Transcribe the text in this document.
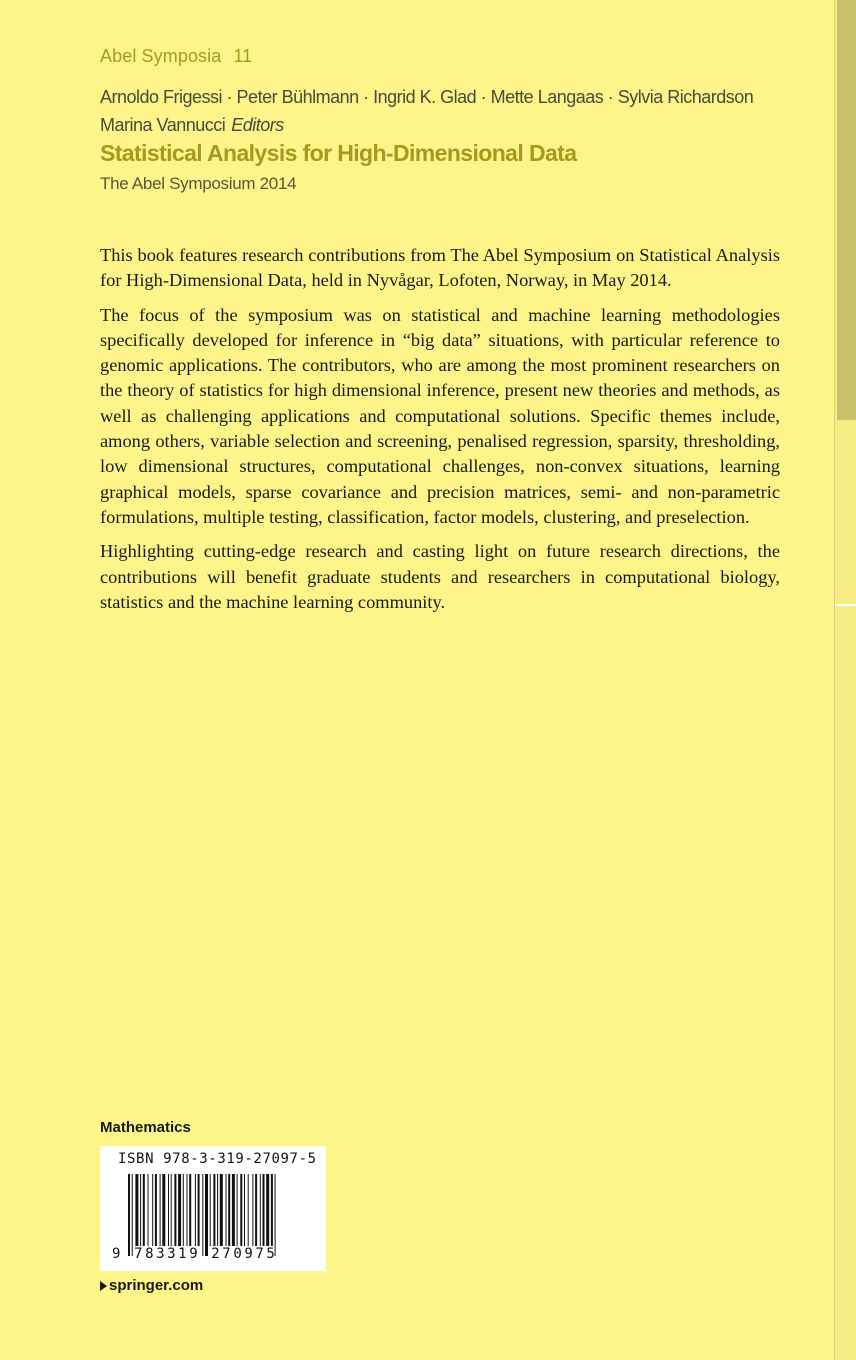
Abel Symposia 11
Arnoldo Frigessi · Peter Bühlmann · Ingrid K. Glad · Mette Langaas · Sylvia Richardson
Marina Vannucci Editors
Statistical Analysis for High-Dimensional Data
The Abel Symposium 2014

This book features research contributions from The Abel Symposium on Statistical Analysis for High-Dimensional Data, held in Nyvågar, Lofoten, Norway, in May 2014.

The focus of the symposium was on statistical and machine learning methodologies specifically developed for inference in “big data” situations, with particular reference to genomic applications. The contributors, who are among the most prominent researchers on the theory of statistics for high dimensional inference, present new theories and methods, as well as challenging applications and computational solutions. Specific themes include, among others, variable selection and screening, penalised regression, sparsity, thresholding, low dimensional structures, computational challenges, non-convex situations, learning graphical models, sparse covariance and precision matrices, semi- and non-parametric formulations, multiple testing, classification, factor models, clustering, and preselection.

Highlighting cutting-edge research and casting light on future research directions, the contributions will benefit graduate students and researchers in computational biology, statistics and the machine learning community.

Mathematics
ISBN 978-3-319-27097-5
9 783319 270975
springer.com
